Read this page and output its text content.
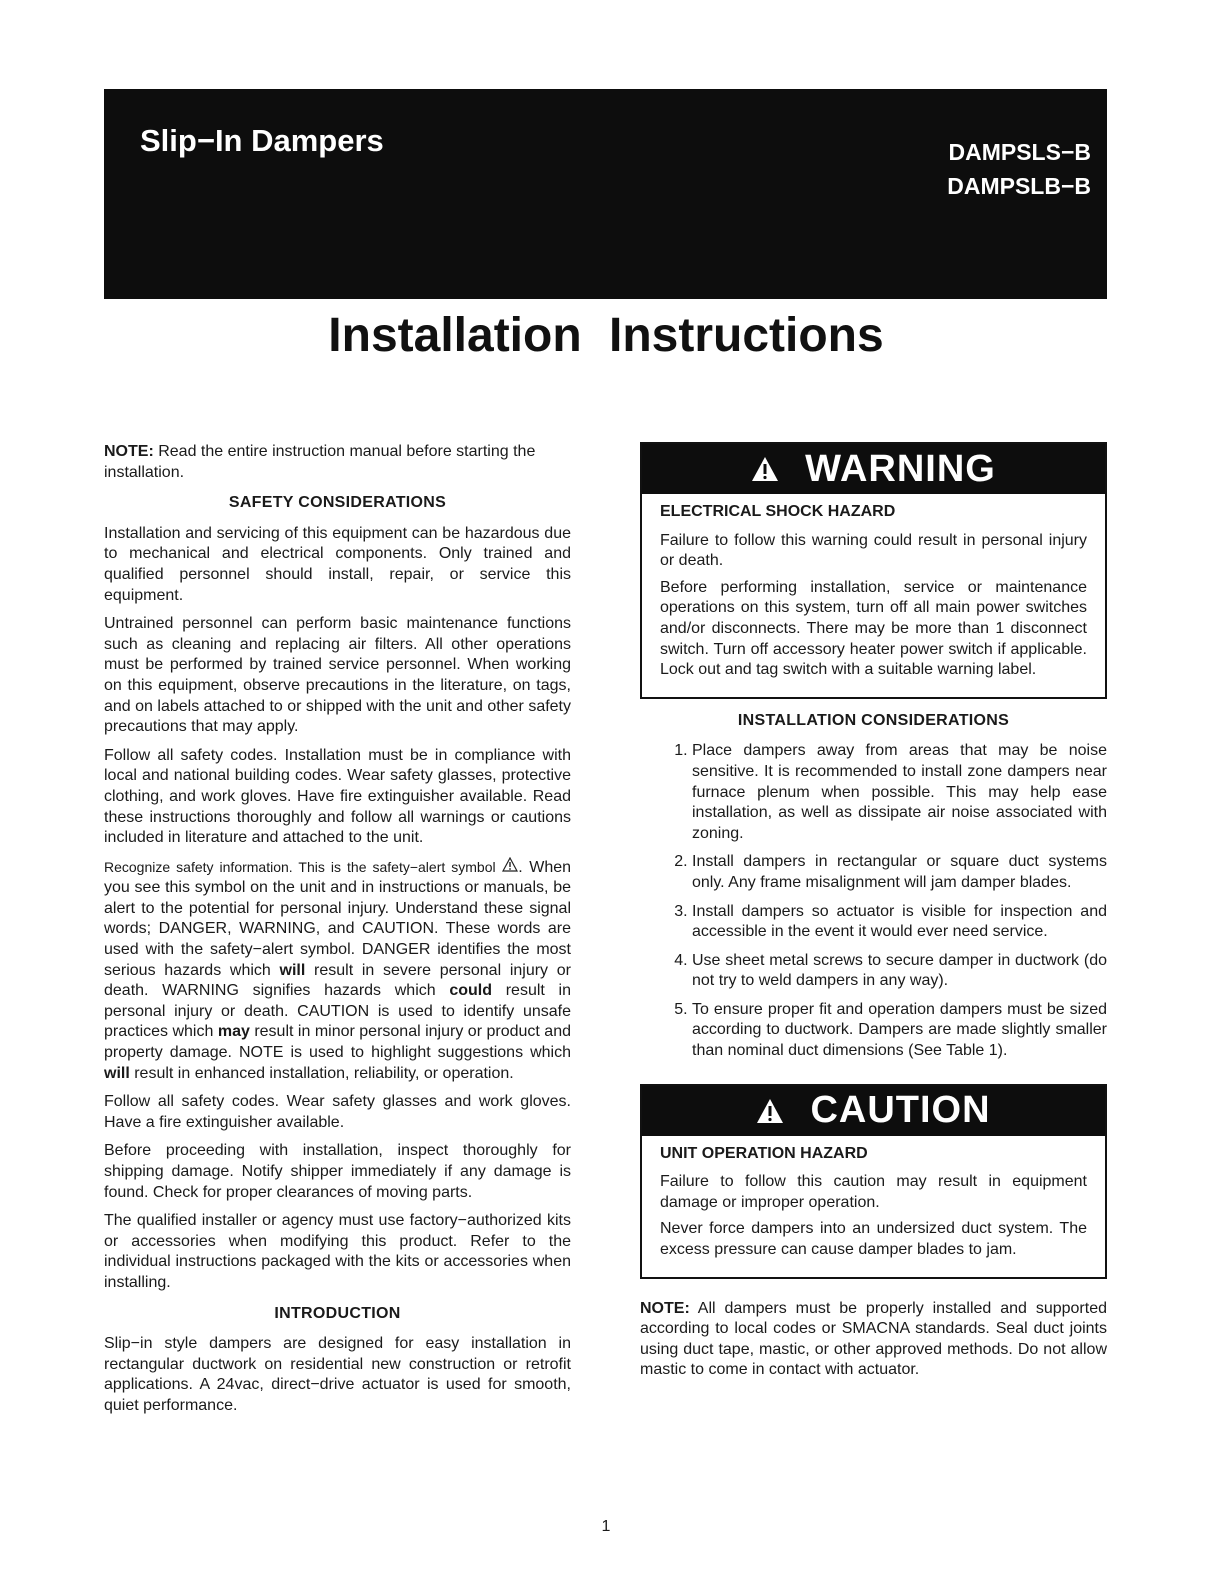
Slip−In Dampers	DAMPSLS−B
DAMPSLB−B
Installation Instructions

NOTE: Read the entire instruction manual before starting the installation.

SAFETY CONSIDERATIONS

Installation and servicing of this equipment can be hazardous due to mechanical and electrical components. Only trained and qualified personnel should install, repair, or service this equipment.

Untrained personnel can perform basic maintenance functions such as cleaning and replacing air filters. All other operations must be performed by trained service personnel. When working on this equipment, observe precautions in the literature, on tags, and on labels attached to or shipped with the unit and other safety precautions that may apply.

Follow all safety codes. Installation must be in compliance with local and national building codes. Wear safety glasses, protective clothing, and work gloves. Have fire extinguisher available. Read these instructions thoroughly and follow all warnings or cautions included in literature and attached to the unit.

Recognize safety information. This is the safety−alert symbol . When you see this symbol on the unit and in instructions or manuals, be alert to the potential for personal injury. Understand these signal words; DANGER, WARNING, and CAUTION. These words are used with the safety−alert symbol. DANGER identifies the most serious hazards which will result in severe personal injury or death. WARNING signifies hazards which could result in personal injury or death. CAUTION is used to identify unsafe practices which may result in minor personal injury or product and property damage. NOTE is used to highlight suggestions which will result in enhanced installation, reliability, or operation.

Follow all safety codes. Wear safety glasses and work gloves. Have a fire extinguisher available.

Before proceeding with installation, inspect thoroughly for shipping damage. Notify shipper immediately if any damage is found. Check for proper clearances of moving parts.

The qualified installer or agency must use factory−authorized kits or accessories when modifying this product. Refer to the individual instructions packaged with the kits or accessories when installing.

INTRODUCTION

Slip−in style dampers are designed for easy installation in rectangular ductwork on residential new construction or retrofit applications. A 24vac, direct−drive actuator is used for smooth, quiet performance.

WARNING
ELECTRICAL SHOCK HAZARD

Failure to follow this warning could result in personal injury or death.

Before performing installation, service or maintenance operations on this system, turn off all main power switches and/or disconnects. There may be more than 1 disconnect switch. Turn off accessory heater power switch if applicable. Lock out and tag switch with a suitable warning label.

INSTALLATION CONSIDERATIONS
1. Place dampers away from areas that may be noise sensitive. It is recommended to install zone dampers near furnace plenum when possible. This may help ease installation, as well as dissipate air noise associated with zoning.
2. Install dampers in rectangular or square duct systems only. Any frame misalignment will jam damper blades.
3. Install dampers so actuator is visible for inspection and accessible in the event it would ever need service.
4. Use sheet metal screws to secure damper in ductwork (do not try to weld dampers in any way).
5. To ensure proper fit and operation dampers must be sized according to ductwork. Dampers are made slightly smaller than nominal duct dimensions (See Table 1).
CAUTION
UNIT OPERATION HAZARD

Failure to follow this caution may result in equipment damage or improper operation.

Never force dampers into an undersized duct system. The excess pressure can cause damper blades to jam.

NOTE: All dampers must be properly installed and supported according to local codes or SMACNA standards. Seal duct joints using duct tape, mastic, or other approved methods. Do not allow mastic to come in contact with actuator.

1
